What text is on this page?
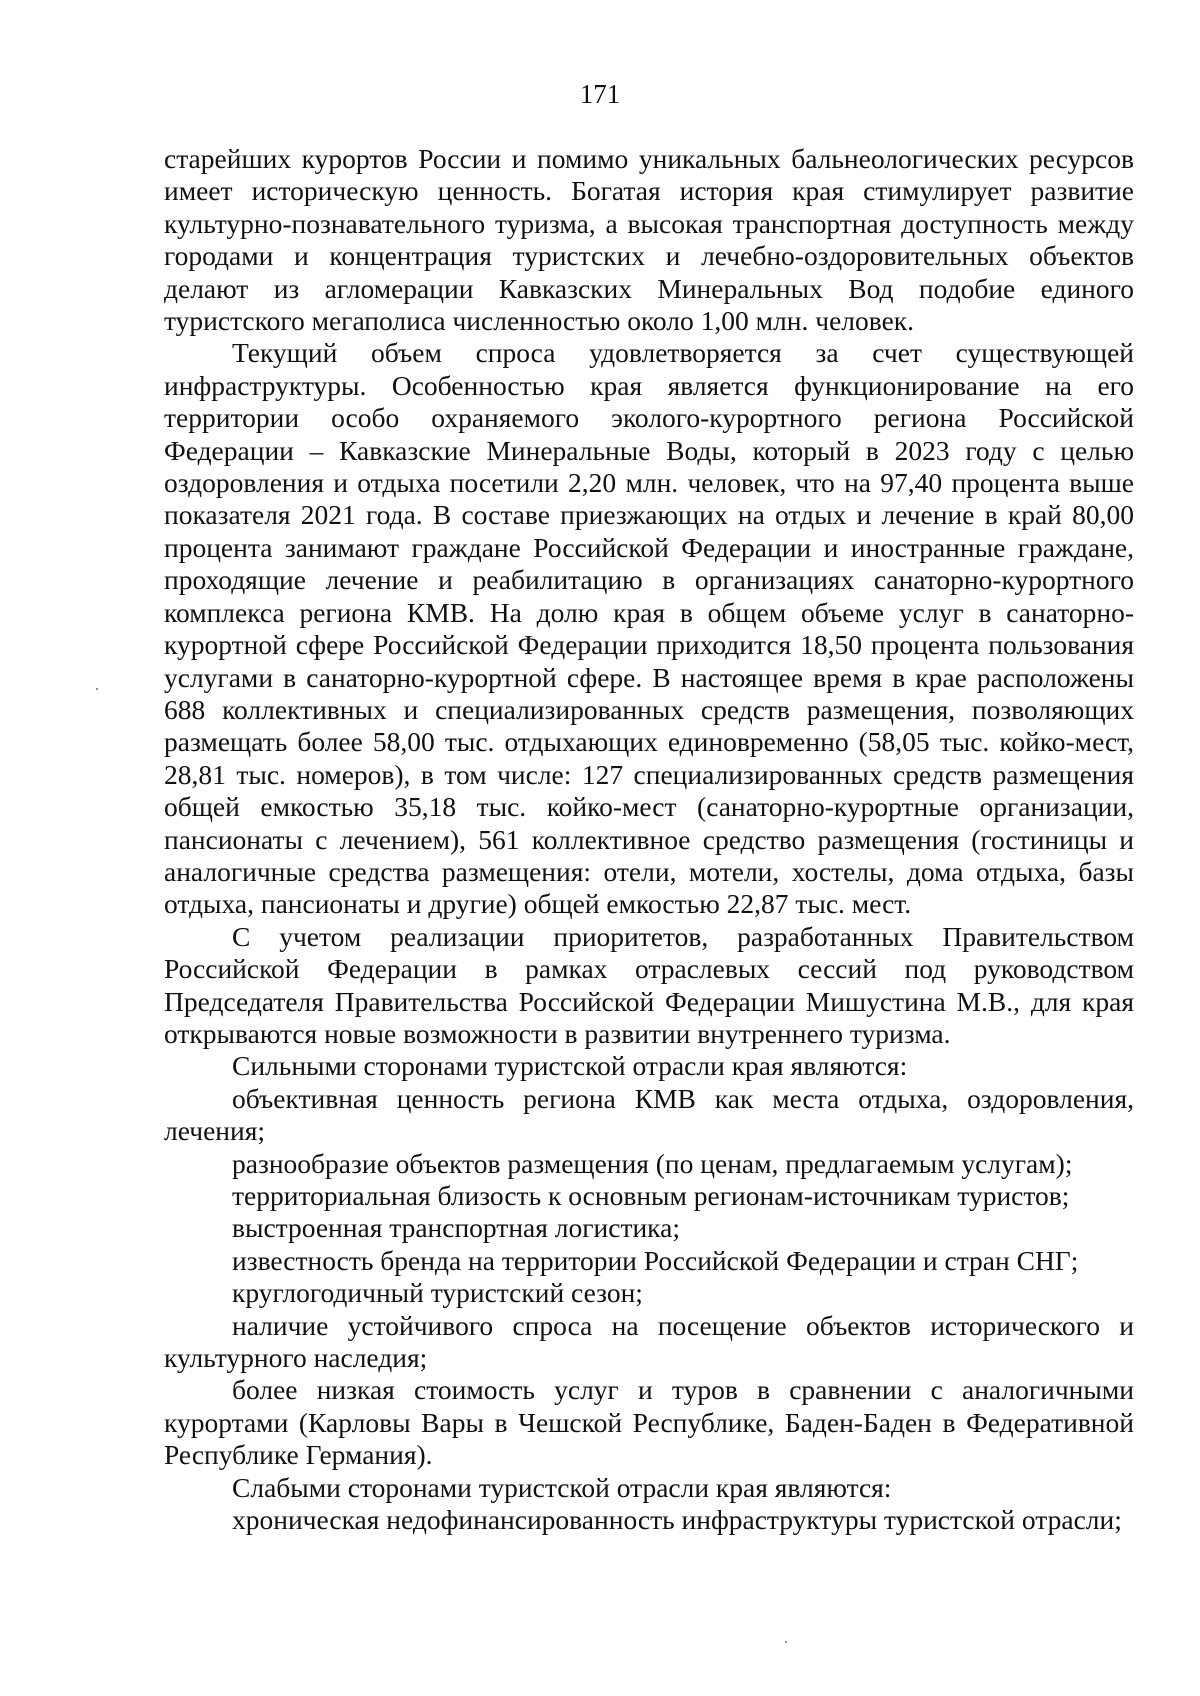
171

старейших курортов России и помимо уникальных бальнеологических ресурсов имеет историческую ценность. Богатая история края стимулирует развитие культурно-познавательного туризма, а высокая транспортная доступность между городами и концентрация туристских и лечебно-оздоровительных объектов делают из агломерации Кавказских Минеральных Вод подобие единого туристского мегаполиса численностью около 1,00 млн. человек.

Текущий объем спроса удовлетворяется за счет существующей инфраструктуры. Особенностью края является функционирование на его территории особо охраняемого эколого-курортного региона Российской Федерации – Кавказские Минеральные Воды, который в 2023 году с целью оздоровления и отдыха посетили 2,20 млн. человек, что на 97,40 процента выше показателя 2021 года. В составе приезжающих на отдых и лечение в край 80,00 процента занимают граждане Российской Федерации и иностранные граждане, проходящие лечение и реабилитацию в организациях санаторно-курортного комплекса региона КМВ. На долю края в общем объеме услуг в санаторно-курортной сфере Российской Федерации приходится 18,50 процента пользования услугами в санаторно-курортной сфере. В настоящее время в крае расположены 688 коллективных и специализированных средств размещения, позволяющих размещать более 58,00 тыс. отдыхающих единовременно (58,05 тыс. койко-мест, 28,81 тыс. номеров), в том числе: 127 специализированных средств размещения общей емкостью 35,18 тыс. койко-мест (санаторно-курортные организации, пансионаты с лечением), 561 коллективное средство размещения (гостиницы и аналогичные средства размещения: отели, мотели, хостелы, дома отдыха, базы отдыха, пансионаты и другие) общей емкостью 22,87 тыс. мест.

С учетом реализации приоритетов, разработанных Правительством Российской Федерации в рамках отраслевых сессий под руководством Председателя Правительства Российской Федерации Мишустина М.В., для края открываются новые возможности в развитии внутреннего туризма.

Сильными сторонами туристской отрасли края являются:

объективная ценность региона КМВ как места отдыха, оздоровления, лечения;

разнообразие объектов размещения (по ценам, предлагаемым услугам);

территориальная близость к основным регионам-источникам туристов;

выстроенная транспортная логистика;

известность бренда на территории Российской Федерации и стран СНГ;

круглогодичный туристский сезон;

наличие устойчивого спроса на посещение объектов исторического и культурного наследия;

более низкая стоимость услуг и туров в сравнении с аналогичными курортами (Карловы Вары в Чешской Республике, Баден-Баден в Федеративной Республике Германия).

Слабыми сторонами туристской отрасли края являются:

хроническая недофинансированность инфраструктуры туристской отрасли;
